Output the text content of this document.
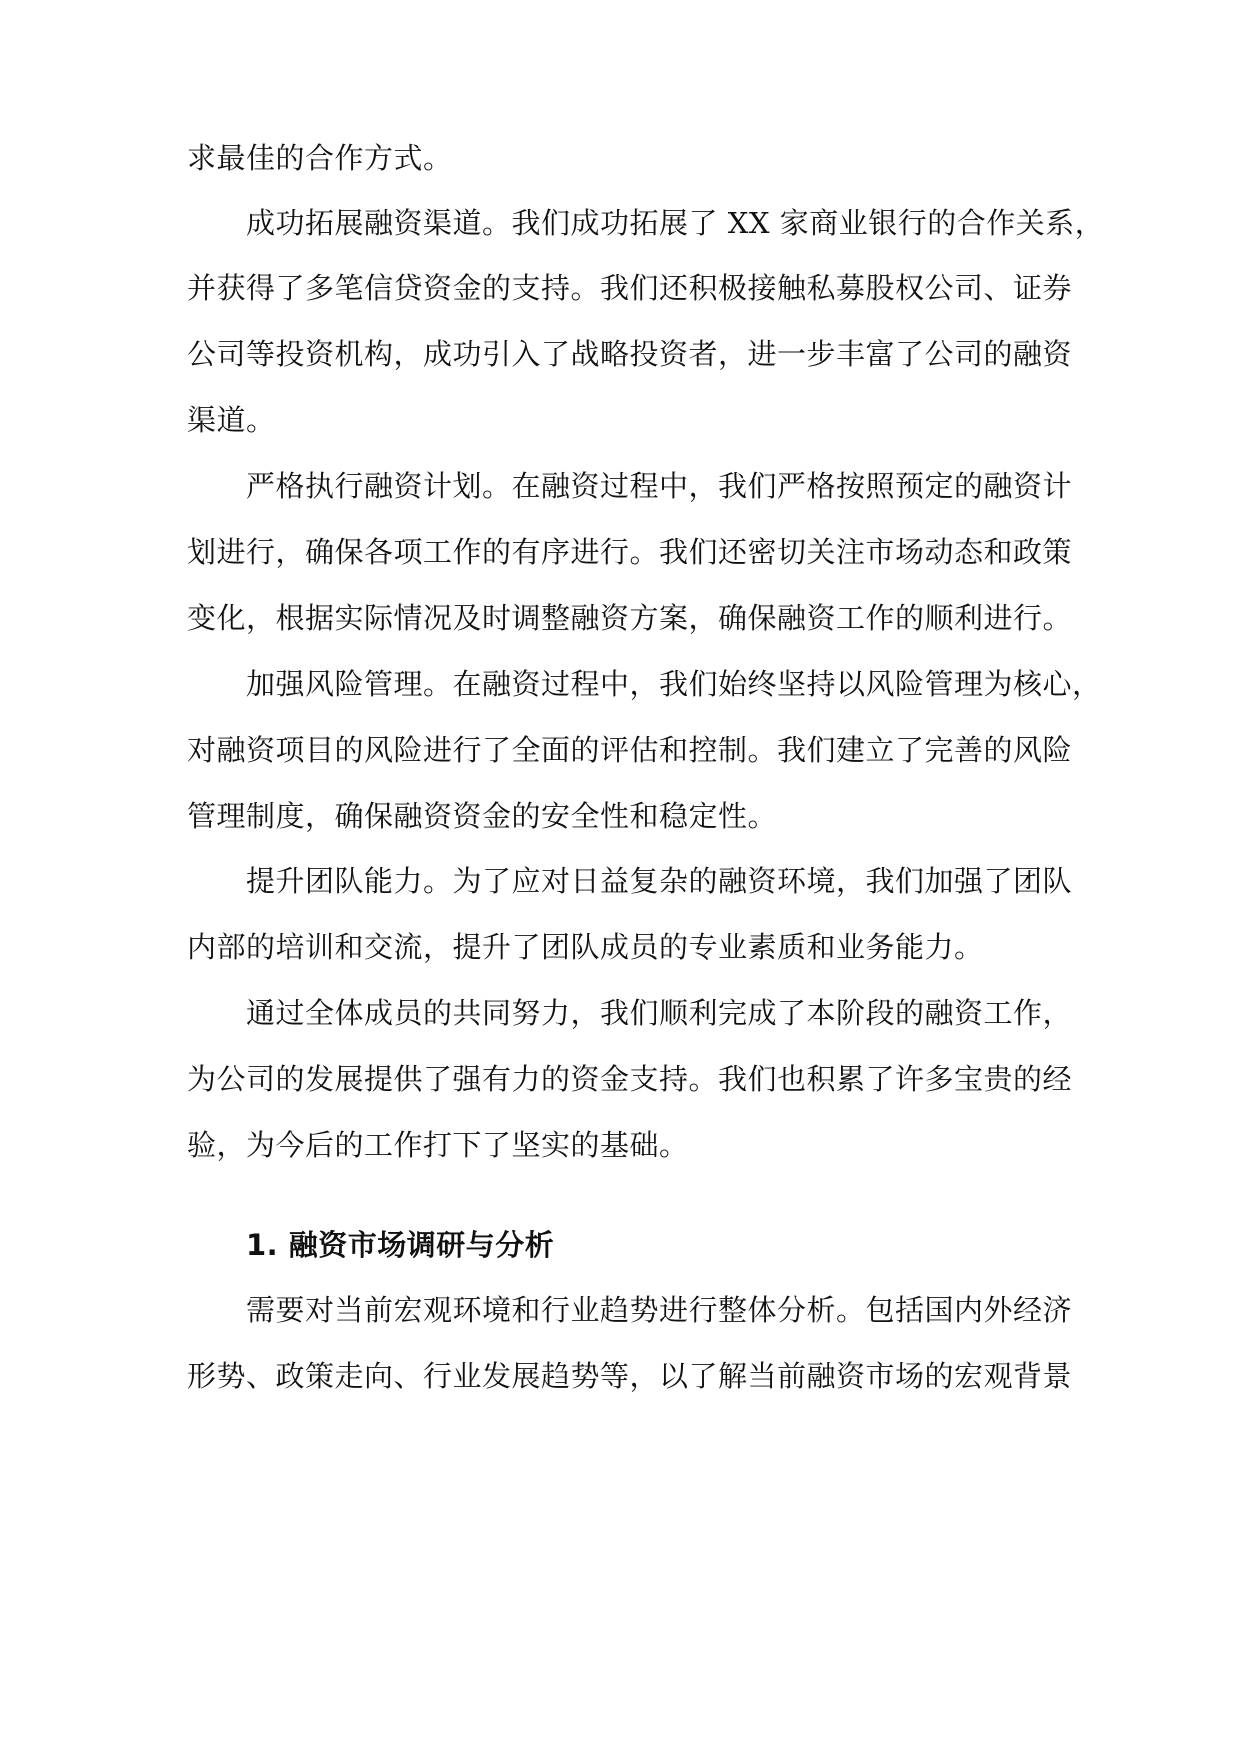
求最佳的合作方式。
成功拓展融资渠道。我们成功拓展了 XX 家商业银行的合作关系，
并获得了多笔信贷资金的支持。我们还积极接触私募股权公司、证券
公司等投资机构，成功引入了战略投资者，进一步丰富了公司的融资
渠道。
严格执行融资计划。在融资过程中，我们严格按照预定的融资计
划进行，确保各项工作的有序进行。我们还密切关注市场动态和政策
变化，根据实际情况及时调整融资方案，确保融资工作的顺利进行。
加强风险管理。在融资过程中，我们始终坚持以风险管理为核心，
对融资项目的风险进行了全面的评估和控制。我们建立了完善的风险
管理制度，确保融资资金的安全性和稳定性。
提升团队能力。为了应对日益复杂的融资环境，我们加强了团队
内部的培训和交流，提升了团队成员的专业素质和业务能力。
通过全体成员的共同努力，我们顺利完成了本阶段的融资工作，
为公司的发展提供了强有力的资金支持。我们也积累了许多宝贵的经
验，为今后的工作打下了坚实的基础。
1. 融资市场调研与分析
需要对当前宏观环境和行业趋势进行整体分析。包括国内外经济
形势、政策走向、行业发展趋势等，以了解当前融资市场的宏观背景
